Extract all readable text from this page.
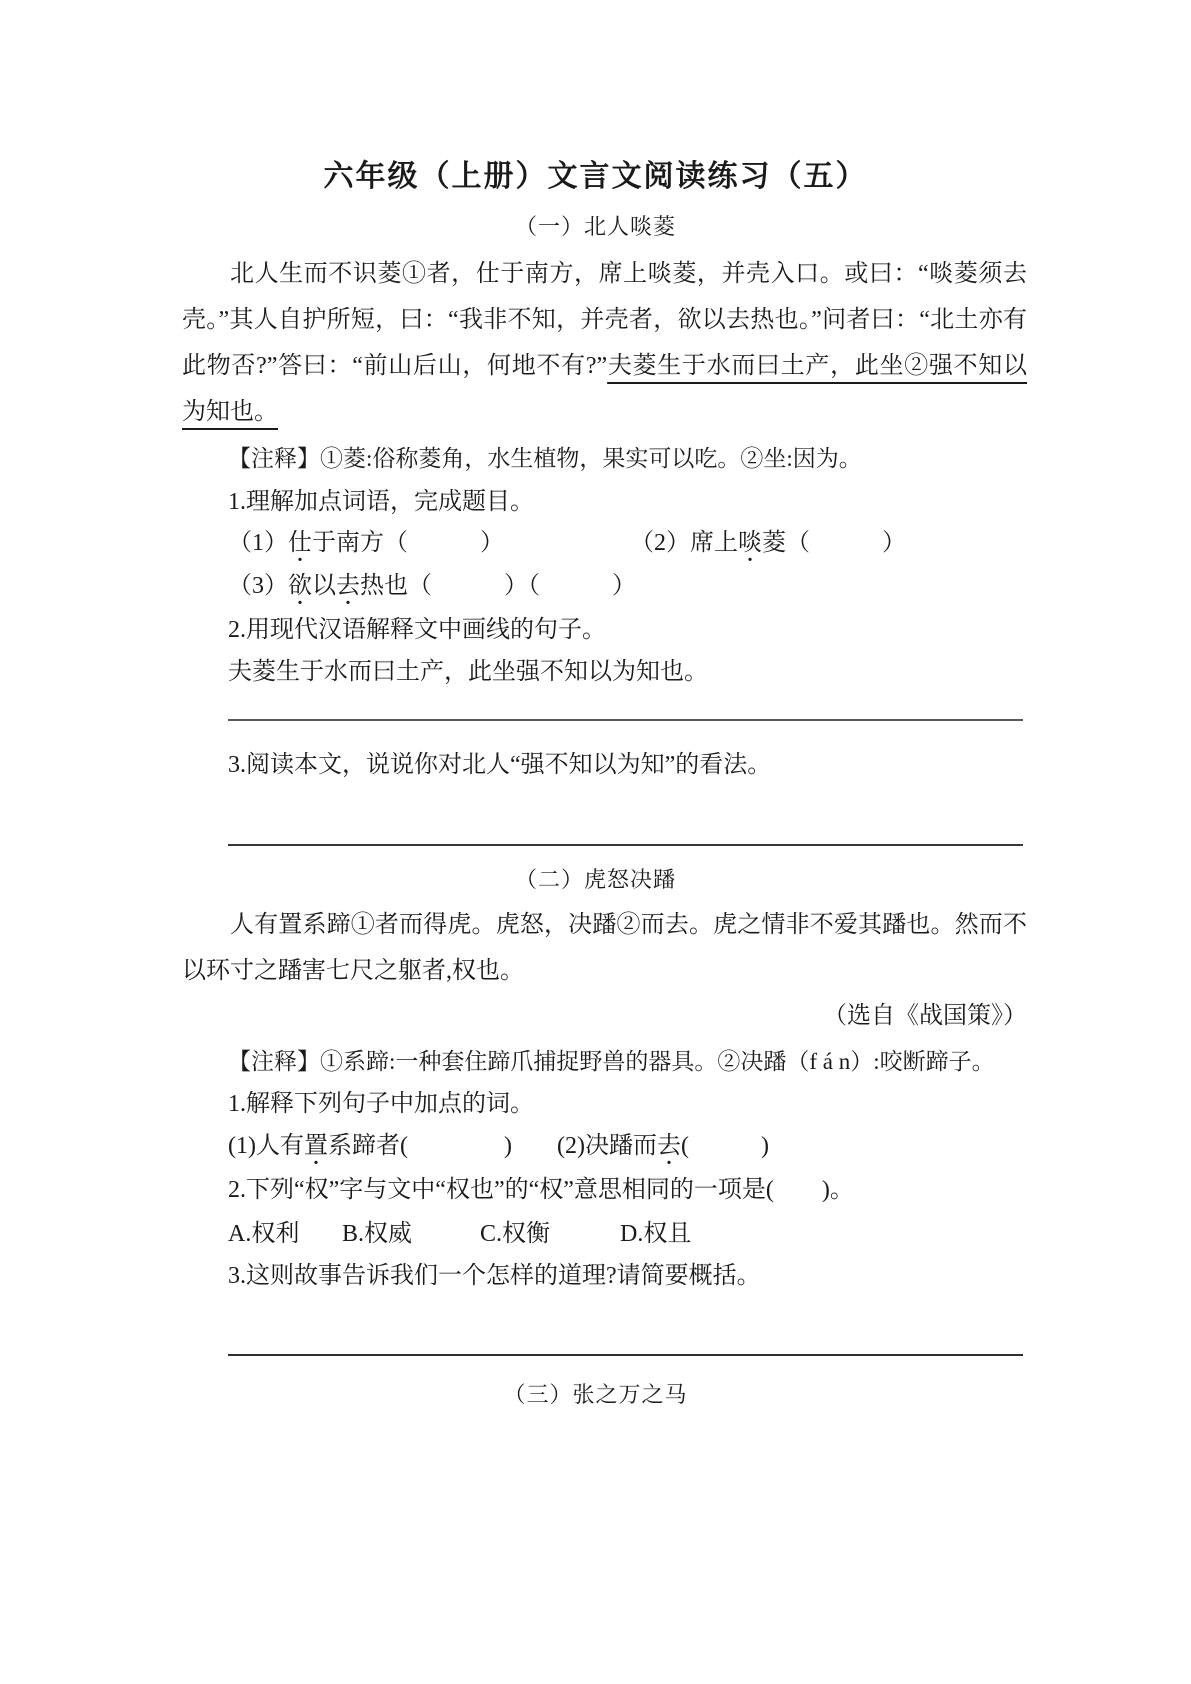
六年级（上册）文言文阅读练习（五）
（一）北人啖菱
北人生而不识菱①者，仕于南方，席上啖菱，并壳入口。或曰：“啖菱须去壳。”其人自护所短，曰：“我非不知，并壳者，欲以去热也。”问者曰：“北土亦有此物否?”答曰：“前山后山，何地不有?”夫菱生于水而曰土产，此坐②强不知以为知也。
【注释】①菱:俗称菱角，水生植物，果实可以吃。②坐:因为。
1.理解加点词语，完成题目。
（1）仕于南方（　　　）	（2）席上啖菱（　　　）
（3）欲以去热也（　　　）（　　　）
2.用现代汉语解释文中画线的句子。
夫菱生于水而曰土产，此坐强不知以为知也。
3.阅读本文，说说你对北人“强不知以为知”的看法。
（二）虎怒决蹯
人有置系蹄①者而得虎。虎怒，决蹯②而去。虎之情非不爱其蹯也。然而不以环寸之蹯害七尺之躯者,权也。
（选自《战国策》）
【注释】①系蹄:一种套住蹄爪捕捉野兽的器具。②决蹯（f á n）:咬断蹄子。
1.解释下列句子中加点的词。
(1)人有置系蹄者(　　　　) (2)决蹯而去(　　　)
2.下列“权”字与文中“权也”的“权”意思相同的一项是(　　)。
A.权利 B.权威	C.权衡	D.权且
3.这则故事告诉我们一个怎样的道理?请简要概括。
（三）张之万之马
